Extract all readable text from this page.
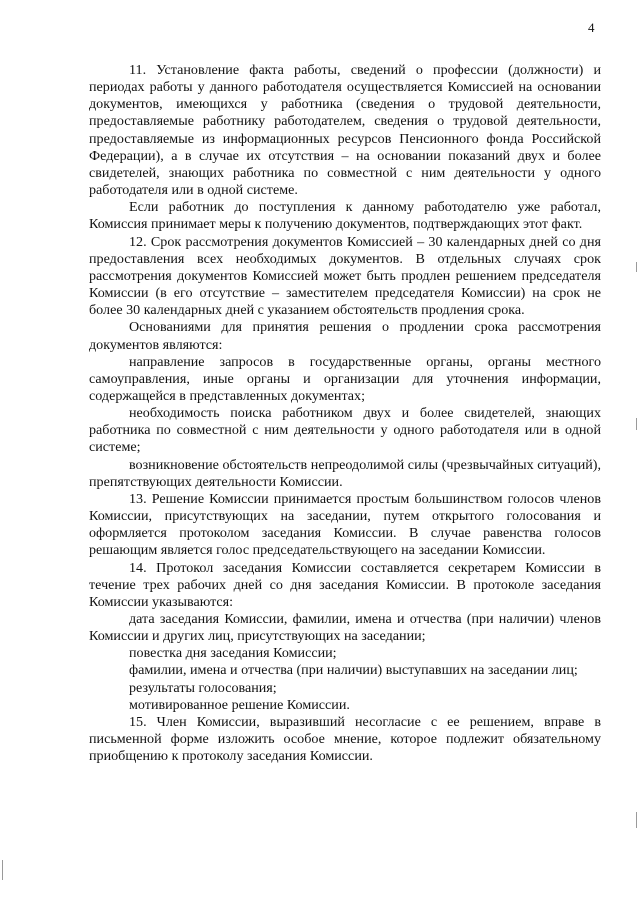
4

11. Установление факта работы, сведений о профессии (должности) и периодах работы у данного работодателя осуществляется Комиссией на основании документов, имеющихся у работника (сведения о трудовой деятельности, предоставляемые работнику работодателем, сведения о трудовой деятельности, предоставляемые из информационных ресурсов Пенсионного фонда Российской Федерации), а в случае их отсутствия – на основании показаний двух и более свидетелей, знающих работника по совместной с ним деятельности у одного работодателя или в одной системе.

Если работник до поступления к данному работодателю уже работал, Комиссия принимает меры к получению документов, подтверждающих этот факт.

12. Срок рассмотрения документов Комиссией – 30 календарных дней со дня предоставления всех необходимых документов. В отдельных случаях срок рассмотрения документов Комиссией может быть продлен решением председателя Комиссии (в его отсутствие – заместителем председателя Комиссии) на срок не более 30 календарных дней с указанием обстоятельств продления срока.

Основаниями для принятия решения о продлении срока рассмотрения документов являются:

направление запросов в государственные органы, органы местного самоуправления, иные органы и организации для уточнения информации, содержащейся в представленных документах;

необходимость поиска работником двух и более свидетелей, знающих работника по совместной с ним деятельности у одного работодателя или в одной системе;

возникновение обстоятельств непреодолимой силы (чрезвычайных ситуаций), препятствующих деятельности Комиссии.

13. Решение Комиссии принимается простым большинством голосов членов Комиссии, присутствующих на заседании, путем открытого голосования и оформляется протоколом заседания Комиссии. В случае равенства голосов решающим является голос председательствующего на заседании Комиссии.

14. Протокол заседания Комиссии составляется секретарем Комиссии в течение трех рабочих дней со дня заседания Комиссии. В протоколе заседания Комиссии указываются:

дата заседания Комиссии, фамилии, имена и отчества (при наличии) членов Комиссии и других лиц, присутствующих на заседании;

повестка дня заседания Комиссии;

фамилии, имена и отчества (при наличии) выступавших на заседании лиц;

результаты голосования;

мотивированное решение Комиссии.

15. Член Комиссии, выразивший несогласие с ее решением, вправе в письменной форме изложить особое мнение, которое подлежит обязательному приобщению к протоколу заседания Комиссии.
